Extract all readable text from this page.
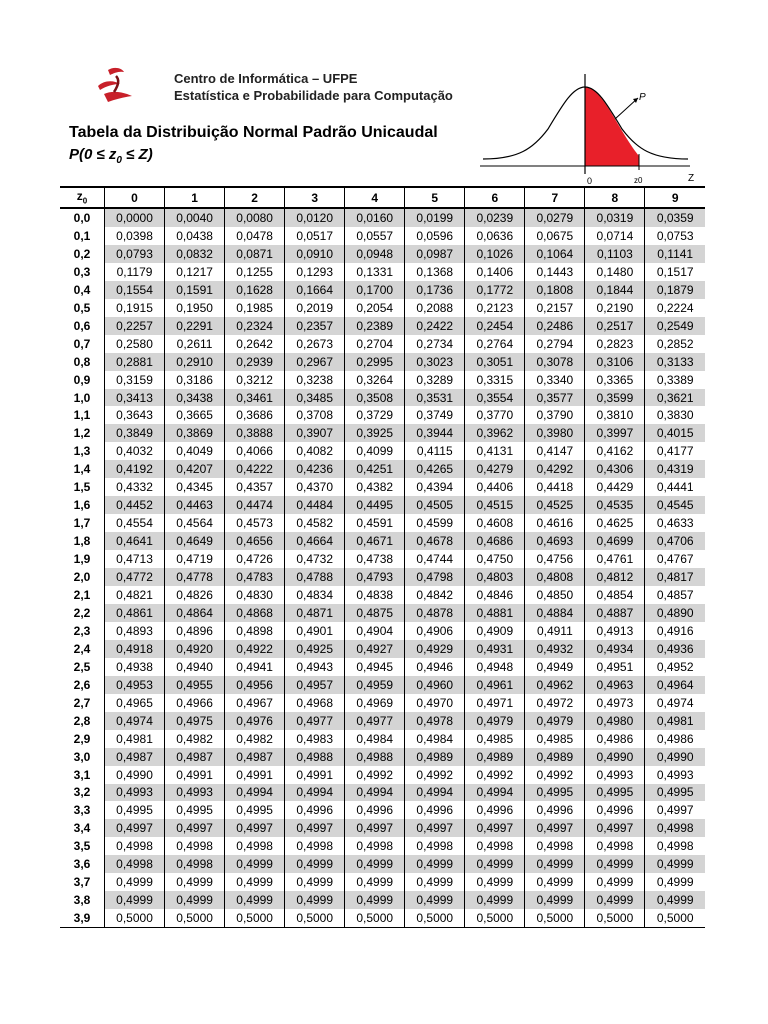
Centro de Informática – UFPE
Estatística e Probabilidade para Computação
Tabela da Distribuição Normal Padrão Unicaudal
$P(0 \le z_0 \le Z)$
P
0	z0	Z
$z_0$	0	1	2	3	4	5	6	7	8	9
0,0	0,0000	0,0040	0,0080	0,0120	0,0160	0,0199	0,0239	0,0279	0,0319	0,0359
0,1	0,0398	0,0438	0,0478	0,0517	0,0557	0,0596	0,0636	0,0675	0,0714	0,0753
0,2	0,0793	0,0832	0,0871	0,0910	0,0948	0,0987	0,1026	0,1064	0,1103	0,1141
0,3	0,1179	0,1217	0,1255	0,1293	0,1331	0,1368	0,1406	0,1443	0,1480	0,1517
0,4	0,1554	0,1591	0,1628	0,1664	0,1700	0,1736	0,1772	0,1808	0,1844	0,1879
0,5	0,1915	0,1950	0,1985	0,2019	0,2054	0,2088	0,2123	0,2157	0,2190	0,2224
0,6	0,2257	0,2291	0,2324	0,2357	0,2389	0,2422	0,2454	0,2486	0,2517	0,2549
0,7	0,2580	0,2611	0,2642	0,2673	0,2704	0,2734	0,2764	0,2794	0,2823	0,2852
0,8	0,2881	0,2910	0,2939	0,2967	0,2995	0,3023	0,3051	0,3078	0,3106	0,3133
0,9	0,3159	0,3186	0,3212	0,3238	0,3264	0,3289	0,3315	0,3340	0,3365	0,3389
1,0	0,3413	0,3438	0,3461	0,3485	0,3508	0,3531	0,3554	0,3577	0,3599	0,3621
1,1	0,3643	0,3665	0,3686	0,3708	0,3729	0,3749	0,3770	0,3790	0,3810	0,3830
1,2	0,3849	0,3869	0,3888	0,3907	0,3925	0,3944	0,3962	0,3980	0,3997	0,4015
1,3	0,4032	0,4049	0,4066	0,4082	0,4099	0,4115	0,4131	0,4147	0,4162	0,4177
1,4	0,4192	0,4207	0,4222	0,4236	0,4251	0,4265	0,4279	0,4292	0,4306	0,4319
1,5	0,4332	0,4345	0,4357	0,4370	0,4382	0,4394	0,4406	0,4418	0,4429	0,4441
1,6	0,4452	0,4463	0,4474	0,4484	0,4495	0,4505	0,4515	0,4525	0,4535	0,4545
1,7	0,4554	0,4564	0,4573	0,4582	0,4591	0,4599	0,4608	0,4616	0,4625	0,4633
1,8	0,4641	0,4649	0,4656	0,4664	0,4671	0,4678	0,4686	0,4693	0,4699	0,4706
1,9	0,4713	0,4719	0,4726	0,4732	0,4738	0,4744	0,4750	0,4756	0,4761	0,4767
2,0	0,4772	0,4778	0,4783	0,4788	0,4793	0,4798	0,4803	0,4808	0,4812	0,4817
2,1	0,4821	0,4826	0,4830	0,4834	0,4838	0,4842	0,4846	0,4850	0,4854	0,4857
2,2	0,4861	0,4864	0,4868	0,4871	0,4875	0,4878	0,4881	0,4884	0,4887	0,4890
2,3	0,4893	0,4896	0,4898	0,4901	0,4904	0,4906	0,4909	0,4911	0,4913	0,4916
2,4	0,4918	0,4920	0,4922	0,4925	0,4927	0,4929	0,4931	0,4932	0,4934	0,4936
2,5	0,4938	0,4940	0,4941	0,4943	0,4945	0,4946	0,4948	0,4949	0,4951	0,4952
2,6	0,4953	0,4955	0,4956	0,4957	0,4959	0,4960	0,4961	0,4962	0,4963	0,4964
2,7	0,4965	0,4966	0,4967	0,4968	0,4969	0,4970	0,4971	0,4972	0,4973	0,4974
2,8	0,4974	0,4975	0,4976	0,4977	0,4977	0,4978	0,4979	0,4979	0,4980	0,4981
2,9	0,4981	0,4982	0,4982	0,4983	0,4984	0,4984	0,4985	0,4985	0,4986	0,4986
3,0	0,4987	0,4987	0,4987	0,4988	0,4988	0,4989	0,4989	0,4989	0,4990	0,4990
3,1	0,4990	0,4991	0,4991	0,4991	0,4992	0,4992	0,4992	0,4992	0,4993	0,4993
3,2	0,4993	0,4993	0,4994	0,4994	0,4994	0,4994	0,4994	0,4995	0,4995	0,4995
3,3	0,4995	0,4995	0,4995	0,4996	0,4996	0,4996	0,4996	0,4996	0,4996	0,4997
3,4	0,4997	0,4997	0,4997	0,4997	0,4997	0,4997	0,4997	0,4997	0,4997	0,4998
3,5	0,4998	0,4998	0,4998	0,4998	0,4998	0,4998	0,4998	0,4998	0,4998	0,4998
3,6	0,4998	0,4998	0,4999	0,4999	0,4999	0,4999	0,4999	0,4999	0,4999	0,4999
3,7	0,4999	0,4999	0,4999	0,4999	0,4999	0,4999	0,4999	0,4999	0,4999	0,4999
3,8	0,4999	0,4999	0,4999	0,4999	0,4999	0,4999	0,4999	0,4999	0,4999	0,4999
3,9	0,5000	0,5000	0,5000	0,5000	0,5000	0,5000	0,5000	0,5000	0,5000	0,5000
